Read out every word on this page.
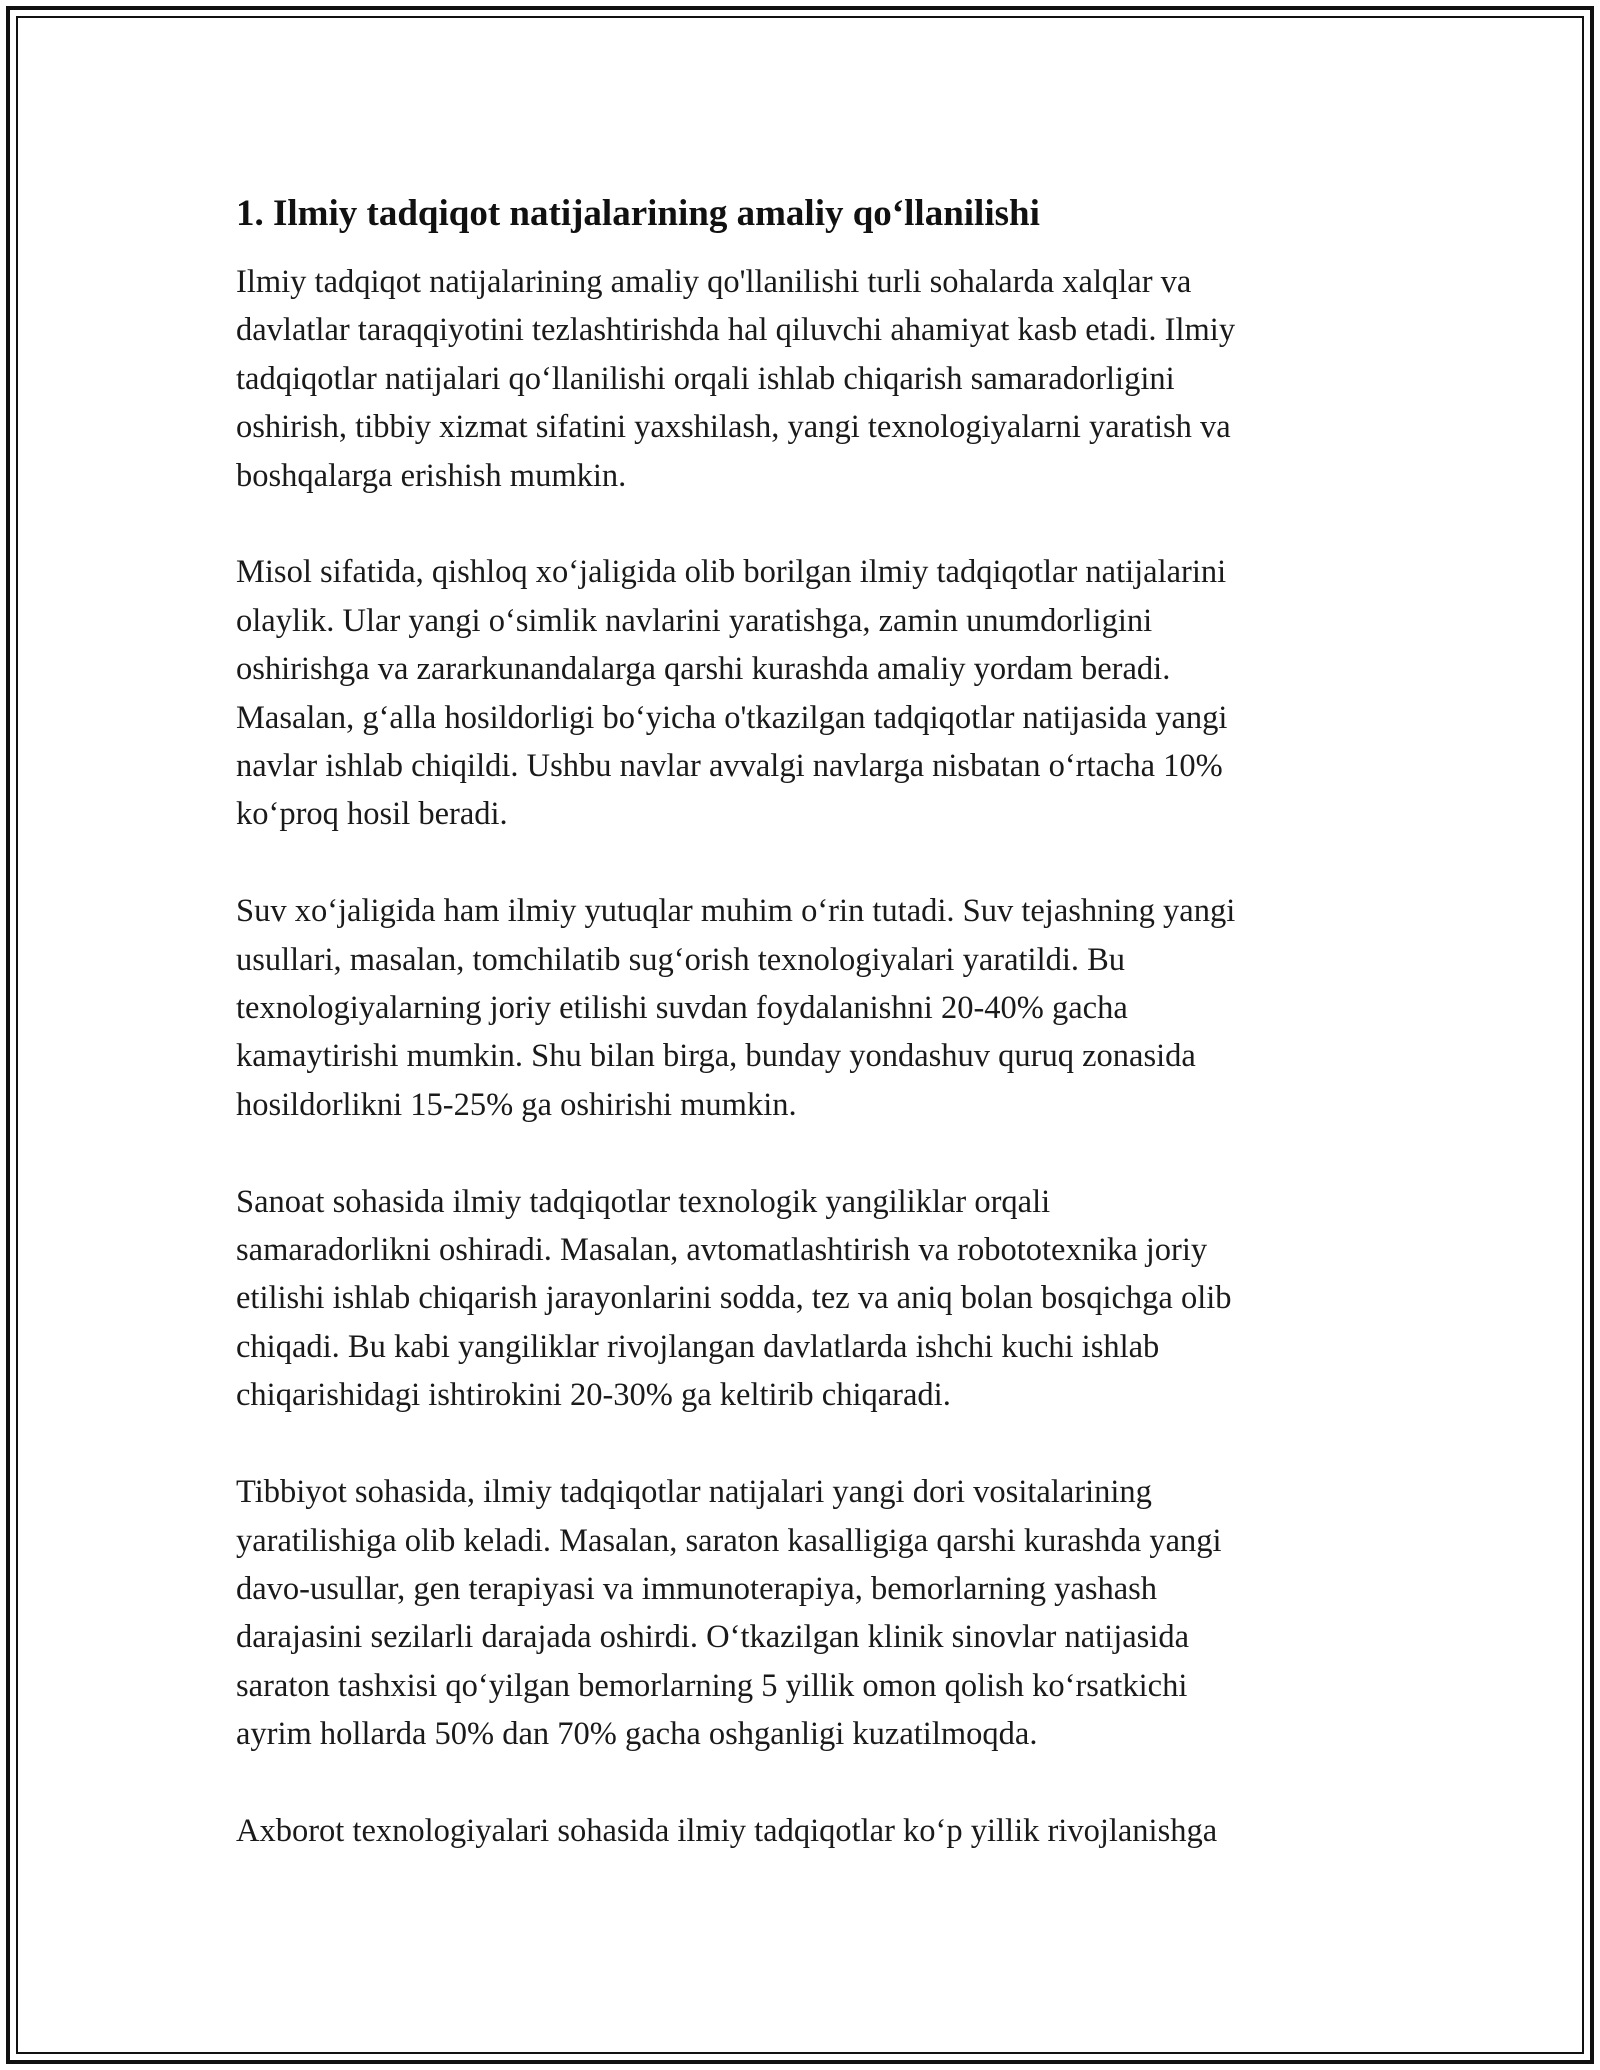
1. Ilmiy tadqiqot natijalarining amaliy qo‘llanilishi

Ilmiy tadqiqot natijalarining amaliy qo'llanilishi turli sohalarda xalqlar va
davlatlar taraqqiyotini tezlashtirishda hal qiluvchi ahamiyat kasb etadi. Ilmiy
tadqiqotlar natijalari qo‘llanilishi orqali ishlab chiqarish samaradorligini
oshirish, tibbiy xizmat sifatini yaxshilash, yangi texnologiyalarni yaratish va
boshqalarga erishish mumkin.

Misol sifatida, qishloq xo‘jaligida olib borilgan ilmiy tadqiqotlar natijalarini
olaylik. Ular yangi o‘simlik navlarini yaratishga, zamin unumdorligini
oshirishga va zararkunandalarga qarshi kurashda amaliy yordam beradi.
Masalan, g‘alla hosildorligi bo‘yicha o'tkazilgan tadqiqotlar natijasida yangi
navlar ishlab chiqildi. Ushbu navlar avvalgi navlarga nisbatan o‘rtacha 10%
ko‘proq hosil beradi.

Suv xo‘jaligida ham ilmiy yutuqlar muhim o‘rin tutadi. Suv tejashning yangi
usullari, masalan, tomchilatib sug‘orish texnologiyalari yaratildi. Bu
texnologiyalarning joriy etilishi suvdan foydalanishni 20-40% gacha
kamaytirishi mumkin. Shu bilan birga, bunday yondashuv quruq zonasida
hosildorlikni 15-25% ga oshirishi mumkin.

Sanoat sohasida ilmiy tadqiqotlar texnologik yangiliklar orqali
samaradorlikni oshiradi. Masalan, avtomatlashtirish va robototexnika joriy
etilishi ishlab chiqarish jarayonlarini sodda, tez va aniq bolan bosqichga olib
chiqadi. Bu kabi yangiliklar rivojlangan davlatlarda ishchi kuchi ishlab
chiqarishidagi ishtirokini 20-30% ga keltirib chiqaradi.

Tibbiyot sohasida, ilmiy tadqiqotlar natijalari yangi dori vositalarining
yaratilishiga olib keladi. Masalan, saraton kasalligiga qarshi kurashda yangi
davo-usullar, gen terapiyasi va immunoterapiya, bemorlarning yashash
darajasini sezilarli darajada oshirdi. O‘tkazilgan klinik sinovlar natijasida
saraton tashxisi qo‘yilgan bemorlarning 5 yillik omon qolish ko‘rsatkichi
ayrim hollarda 50% dan 70% gacha oshganligi kuzatilmoqda.

Axborot texnologiyalari sohasida ilmiy tadqiqotlar ko‘p yillik rivojlanishga
